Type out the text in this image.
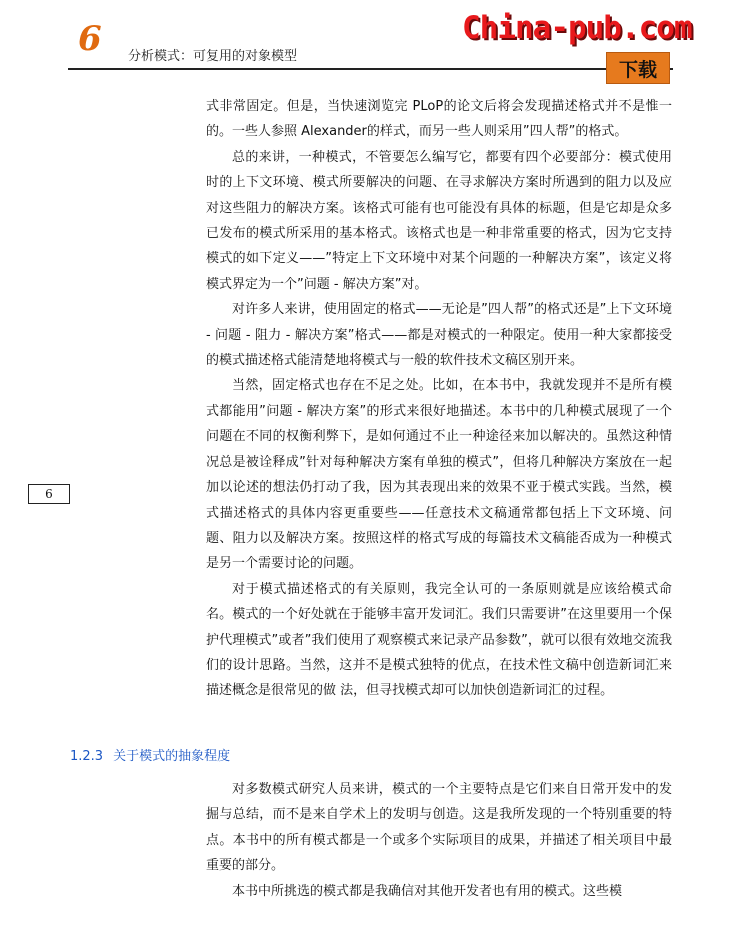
6 分析模式：可复用的对象模型
China-pub.com
下载
6

式非常固定。但是，当快速浏览完 PLoP的论文后将会发现描述格式并不是惟一的。一些人参照 Alexander的样式，而另一些人则采用”四人帮”的格式。

总的来讲，一种模式，不管要怎么编写它，都要有四个必要部分：模式使用时的上下文环境、模式所要解决的问题、在寻求解决方案时所遇到的阻力以及应对这些阻力的解决方案。该格式可能有也可能没有具体的标题，但是它却是众多已发布的模式所采用的基本格式。该格式也是一种非常重要的格式，因为它支持模式的如下定义——”特定上下文环境中对某个问题的一种解决方案”，该定义将模式界定为一个”问题 - 解决方案”对。

对许多人来讲，使用固定的格式——无论是”四人帮”的格式还是”上下文环境 - 问题 - 阻力 - 解决方案”格式——都是对模式的一种限定。使用一种大家都接受的模式描述格式能清楚地将模式与一般的软件技术文稿区别开来。

当然，固定格式也存在不足之处。比如，在本书中，我就发现并不是所有模式都能用”问题 - 解决方案”的形式来很好地描述。本书中的几种模式展现了一个问题在不同的权衡利弊下，是如何通过不止一种途径来加以解决的。虽然这种情况总是被诠释成”针对每种解决方案有单独的模式”，但将几种解决方案放在一起加以论述的想法仍打动了我，因为其表现出来的效果不亚于模式实践。当然，模式描述格式的具体内容更重要些——任意技术文稿通常都包括上下文环境、问题、阻力以及解决方案。按照这样的格式写成的每篇技术文稿能否成为一种模式是另一个需要讨论的问题。

对于模式描述格式的有关原则，我完全认可的一条原则就是应该给模式命名。模式的一个好处就在于能够丰富开发词汇。我们只需要讲”在这里要用一个保护代理模式”或者”我们使用了观察模式来记录产品参数”，就可以很有效地交流我们的设计思路。当然，这并不是模式独特的优点，在技术性文稿中创造新词汇来描述概念是很常见的做 法，但寻找模式却可以加快创造新词汇的过程。

1.2.3 关于模式的抽象程度

对多数模式研究人员来讲，模式的一个主要特点是它们来自日常开发中的发掘与总结，而不是来自学术上的发明与创造。这是我所发现的一个特别重要的特点。本书中的所有模式都是一个或多个实际项目的成果，并描述了相关项目中最重要的部分。

本书中所挑选的模式都是我确信对其他开发者也有用的模式。这些模
